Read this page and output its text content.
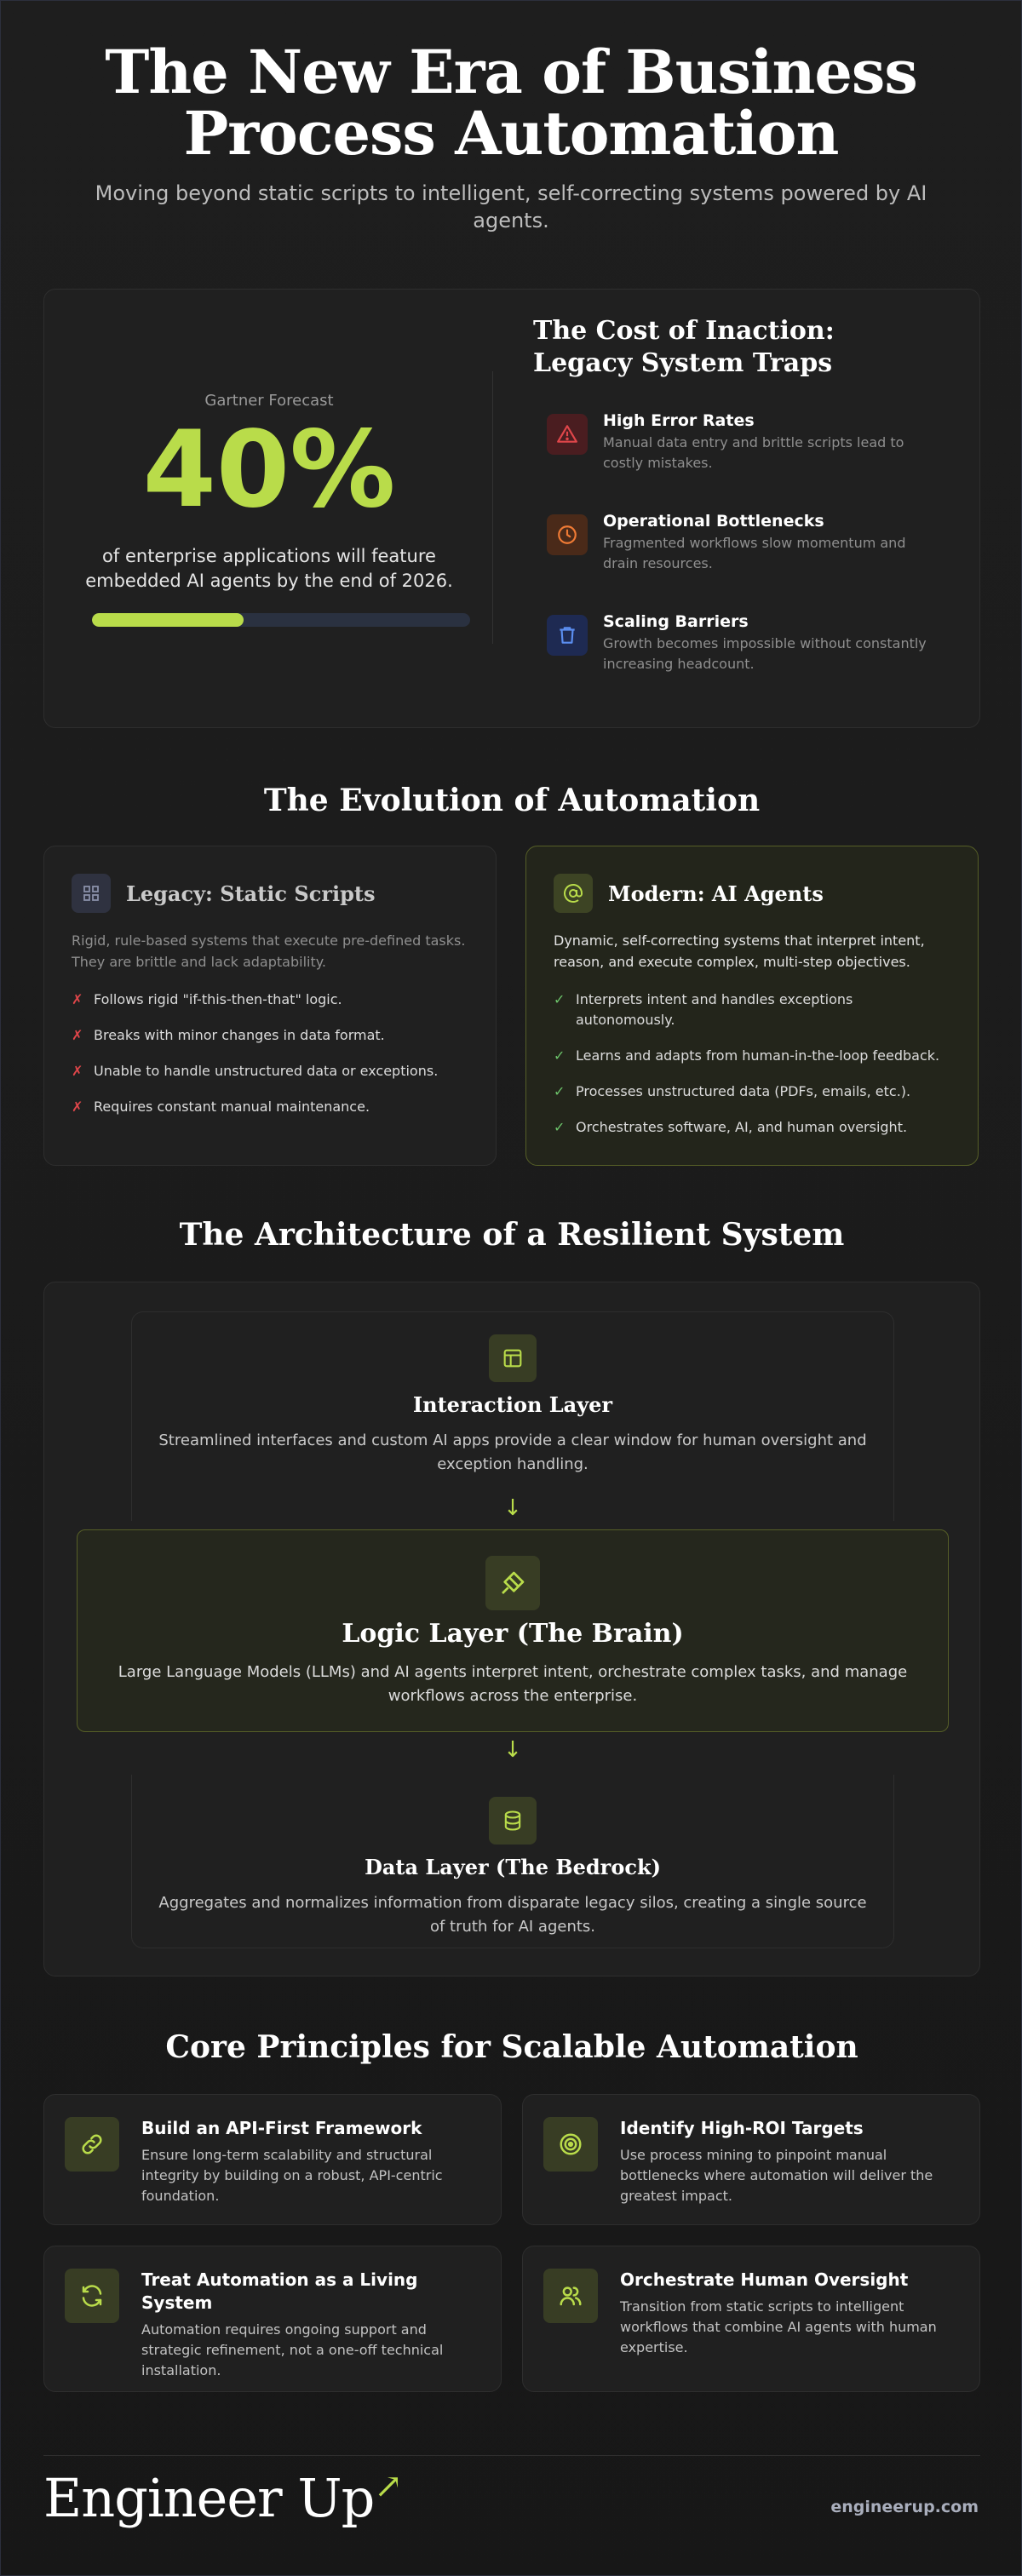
The New Era of Business
Process Automation

Moving beyond static scripts to intelligent, self-correcting systems powered by AI agents.

Gartner Forecast
40%
of enterprise applications will feature
embedded AI agents by the end of 2026.
The Cost of Inaction: Legacy System Traps
High Error Rates
Manual data entry and brittle scripts lead to costly mistakes.
Operational Bottlenecks
Fragmented workflows slow momentum and drain resources.
Scaling Barriers
Growth becomes impossible without constantly increasing headcount.
The Evolution of Automation
Legacy: Static Scripts
Rigid, rule-based systems that execute pre-defined tasks. They are brittle and lack adaptability.
✗ Follows rigid "if-this-then-that" logic.
✗ Breaks with minor changes in data format.
✗ Unable to handle unstructured data or exceptions.
✗ Requires constant manual maintenance.
Modern: AI Agents
Dynamic, self-correcting systems that interpret intent, reason, and execute complex, multi-step objectives.
✓ Interprets intent and handles exceptions autonomously.
✓ Learns and adapts from human-in-the-loop feedback.
✓ Processes unstructured data (PDFs, emails, etc.).
✓ Orchestrates software, AI, and human oversight.
The Architecture of a Resilient System
Interaction Layer
Streamlined interfaces and custom AI apps provide a clear window for human oversight and exception handling.
↓
Logic Layer (The Brain)
Large Language Models (LLMs) and AI agents interpret intent, orchestrate complex tasks, and manage workflows across the enterprise.
↓
Data Layer (The Bedrock)
Aggregates and normalizes information from disparate legacy silos, creating a single source of truth for AI agents.
Core Principles for Scalable Automation
Build an API-First Framework
Ensure long-term scalability and structural integrity by building on a robust, API-centric foundation.
Identify High-ROI Targets
Use process mining to pinpoint manual bottlenecks where automation will deliver the greatest impact.
Treat Automation as a Living System
Automation requires ongoing support and strategic refinement, not a one-off technical installation.
Orchestrate Human Oversight
Transition from static scripts to intelligent workflows that combine AI agents with human expertise.
Engineer Up↗
engineerup.com
